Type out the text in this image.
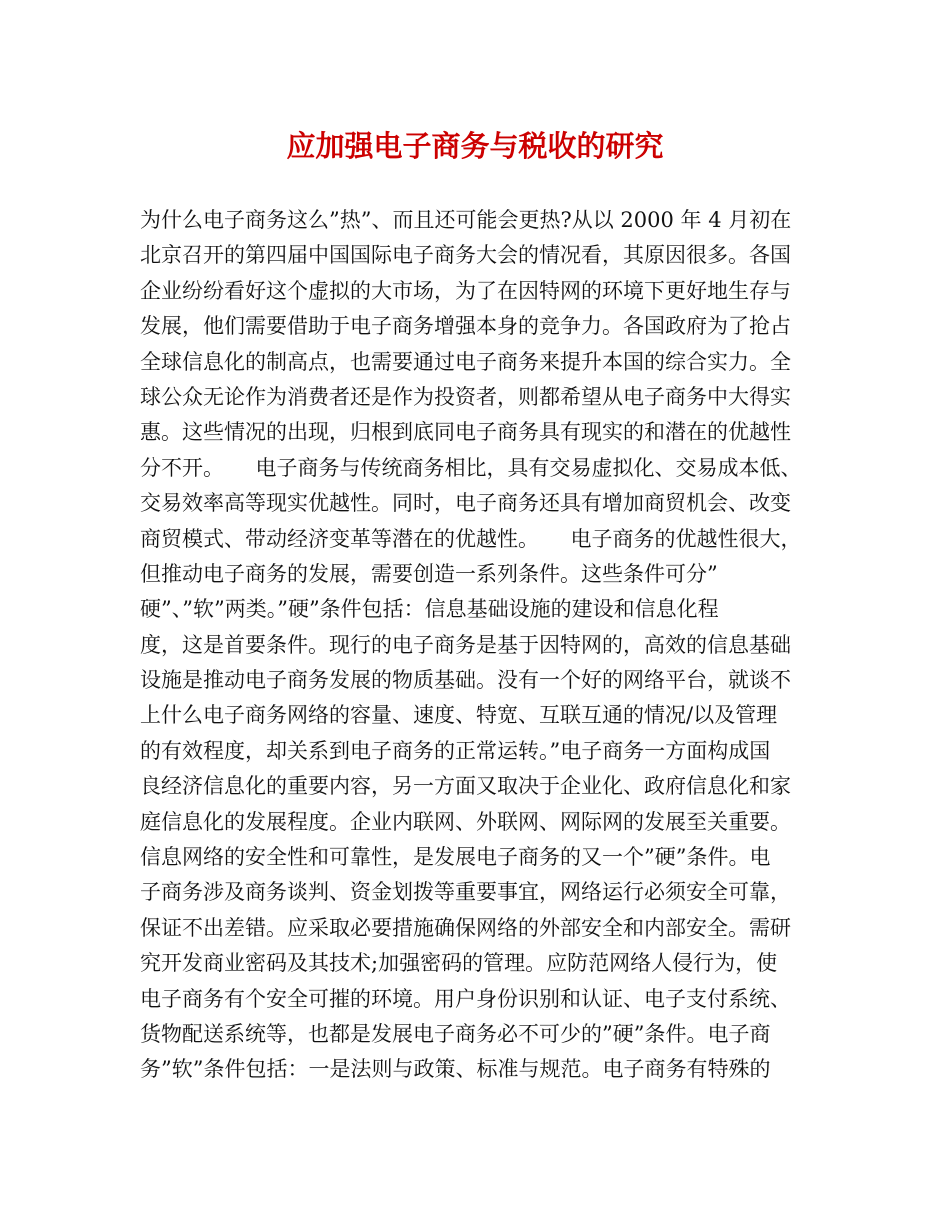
应加强电子商务与税收的研究
为什么电子商务这么”热”、而且还可能会更热?从以 2000 年 4 月初在
北京召开的第四届中国国际电子商务大会的情况看，其原因很多。各国
企业纷纷看好这个虚拟的大市场，为了在因特网的环境下更好地生存与
发展，他们需要借助于电子商务增强本身的竞争力。各国政府为了抢占
全球信息化的制高点，也需要通过电子商务来提升本国的综合实力。全
球公众无论作为消费者还是作为投资者，则都希望从电子商务中大得实
惠。这些情况的出现，归根到底同电子商务具有现实的和潜在的优越性
分不开。　　电子商务与传统商务相比，具有交易虚拟化、交易成本低、
交易效率高等现实优越性。同时，电子商务还具有增加商贸机会、改变
商贸模式、带动经济变革等潜在的优越性。　　电子商务的优越性很大，
但推动电子商务的发展，需要创造一系列条件。这些条件可分”
硬”、”软”两类。”硬”条件包括：信息基础设施的建设和信息化程
度，这是首要条件。现行的电子商务是基于因特网的，高效的信息基础
设施是推动电子商务发展的物质基础。没有一个好的网络平台，就谈不
上什么电子商务网络的容量、速度、特宽、互联互通的情况/以及管理
的有效程度，却关系到电子商务的正常运转。”电子商务一方面构成国
良经济信息化的重要内容，另一方面又取决于企业化、政府信息化和家
庭信息化的发展程度。企业内联网、外联网、网际网的发展至关重要。
信息网络的安全性和可靠性，是发展电子商务的又一个”硬”条件。电
子商务涉及商务谈判、资金划拨等重要事宜，网络运行必须安全可靠，
保证不出差错。应采取必要措施确保网络的外部安全和内部安全。需研
究开发商业密码及其技术;加强密码的管理。应防范网络人侵行为，使
电子商务有个安全可摧的环境。用户身份识别和认证、电子支付系统、
货物配送系统等，也都是发展电子商务必不可少的”硬”条件。电子商
务”软”条件包括：一是法则与政策、标准与规范。电子商务有特殊的
